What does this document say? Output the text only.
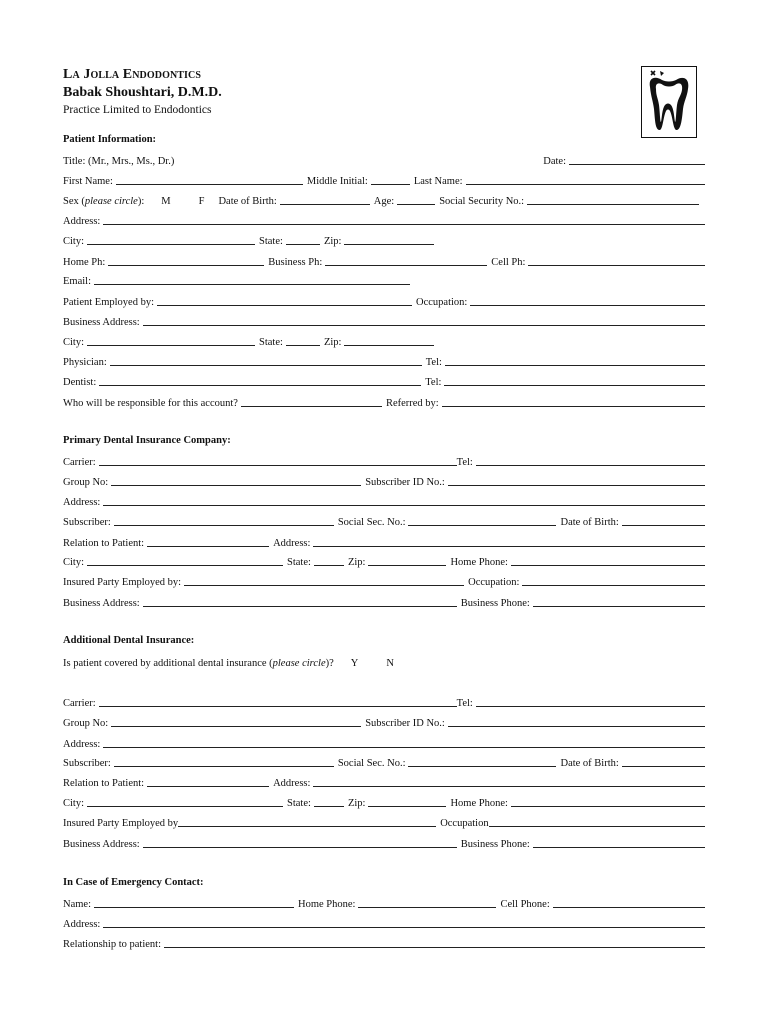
La Jolla Endodontics
Babak Shoushtari, D.M.D.
Practice Limited to Endodontics
Patient Information:
Title: (Mr., Mrs., Ms., Dr.)	Date:
First Name:	Middle Initial:	Last Name:
Sex (please circle):	M	F	Date of Birth:	Age:	Social Security No.:
Address:
City:	State:	Zip:
Home Ph:	Business Ph:	Cell Ph:
Email:
Patient Employed by:	Occupation:
Business Address:
City:	State:	Zip:
Physician:	Tel:
Dentist:	Tel:
Who will be responsible for this account?	Referred by:
Primary Dental Insurance Company:
Carrier:	Tel:
Group No:	Subscriber ID No.:
Address:
Subscriber:	Social Sec. No.:	Date of Birth:
Relation to Patient:	Address:
City:	State:	Zip:	Home Phone:
Insured Party Employed by:	Occupation:
Business Address:	Business Phone:
Additional Dental Insurance:
Is patient covered by additional dental insurance (please circle)?	Y	N
Carrier:	Tel:
Group No:	Subscriber ID No.:
Address:
Subscriber:	Social Sec. No.:	Date of Birth:
Relation to Patient:	Address:
City:	State:	Zip:	Home Phone:
Insured Party Employed by	Occupation
Business Address:	Business Phone:
In Case of Emergency Contact:
Name:	Home Phone:	Cell Phone:
Address:
Relationship to patient:
